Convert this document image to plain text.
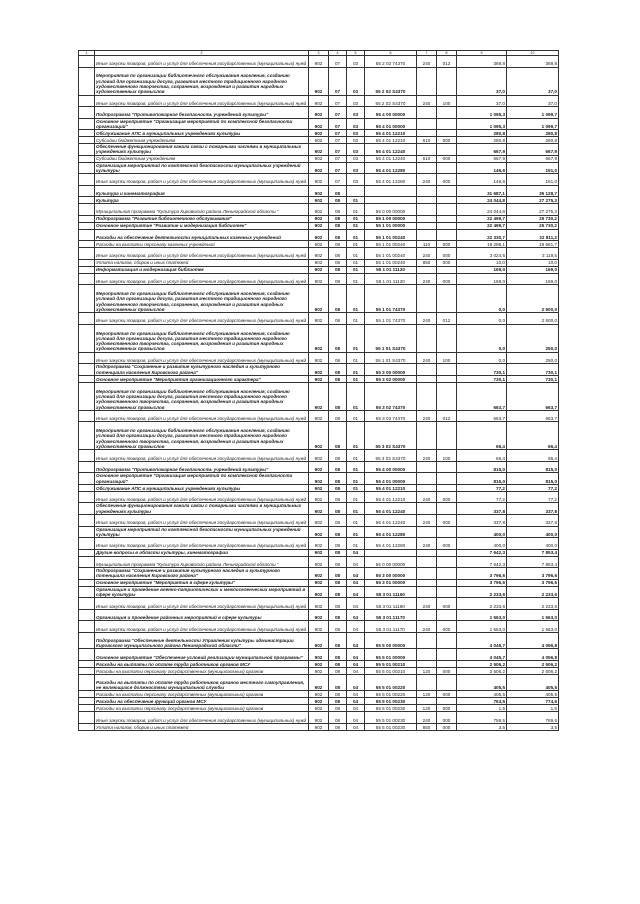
1	2	3	4	5	6	7	8	9	10
	Иные закупки товаров, работ и услуг для обеспечения государственных (муниципальных) нужд	902	07	03	55 2 02 74370	240	012	369,8	369,8
	Мероприятия по организации библиотечного обслуживания населения, созданию условий для организации досуга, развития местного традиционного народного художественного творчества, сохранения, возрождения и развития народных художественных промыслов	902	07	03	55 2 02 S4370			37,0	37,0
	Иные закупки товаров, работ и услуг для обеспечения государственных (муниципальных) нужд	902	07	03	55 2 02 S4370	240	100	37,0	37,0
	Подпрограмма "Противопожарная безопасность учреждений культуры"	902	07	03	55 4 00 00000			1 095,3	1 099,7
	Основное мероприятие "Организация мероприятий по комплексной безопасности организаций"	902	07	03	55 4 01 00000			1 095,3	1 099,7
	Обслуживание АПС в муниципальных учреждениях культуры	902	07	03	55 4 01 12210			280,8	280,8
	Субсидии бюджетным учреждениям	902	07	03	55 4 01 12210	610	000	280,8	280,8
	Обеспечение функционирования канала связи с пожарными частями в муниципальных учреждениях культуры	902	07	03	55 4 01 12240			667,9	667,9
	Субсидии бюджетным учреждениям	902	07	03	55 4 01 12240	610	000	667,9	667,9
	Организация мероприятий по комплексной безопасности муниципальных учреждений культуры	902	07	03	55 4 01 12280			146,6	151,0
	Иные закупки товаров, работ и услуг для обеспечения государственных (муниципальных) нужд	902	07	03	55 4 01 12280	240	000	146,6	151,0
	Культура и кинематография	902	08					31 687,1	35 128,7
	Культура	902	08	01				24 044,8	27 275,3
	Муниципальная программа "Культура Кировского района Ленинградской области "	902	08	01	55 0 00 00000			24 044,8	27 275,3
	Подпрограмма "Развитие библиотечного обслуживания"	902	08	01	55 1 00 00000			22 499,7	25 730,2
	Основное мероприятие "Развитие и модернизация библиотек"	902	08	01	55 1 01 00000			22 499,7	25 730,2
	Расходы на обеспечение деятельности муниципальных казенных учреждений	902	08	01	55 1 01 00240			22 330,7	22 811,2
	Расходы на выплаты персоналу казенных учреждений	902	08	01	55 1 01 00240	110	000	19 296,1	19 681,7
	Иные закупки товаров, работ и услуг для обеспечения государственных (муниципальных) нужд	902	08	01	55 1 01 00240	240	000	3 024,6	3 119,5
	Уплата налогов, сборов и иных платежей	902	08	01	55 1 01 00240	850	000	10,0	10,0
	Информатизация и модернизация библиотек	902	08	01	55 1 01 11120			169,0	169,0
	Иные закупки товаров, работ и услуг для обеспечения государственных (муниципальных) нужд	902	08	01	55 1 01 11120	240	000	169,0	169,0
	Мероприятия по организации библиотечного обслуживания населения, созданию условий для организации досуга, развития местного традиционного народного художественного творчества, сохранения, возрождения и развития народных художественных промыслов	902	08	01	55 1 01 74370			0,0	2 500,0
	Иные закупки товаров, работ и услуг для обеспечения государственных (муниципальных) нужд	902	08	01	55 1 01 74370	240	012	0,0	2 500,0
	Мероприятия по организации библиотечного обслуживания населения, созданию условий для организации досуга, развития местного традиционного народного художественного творчества, сохранения, возрождения и развития народных художественных промыслов	902	08	01	55 1 01 S4370			0,0	250,0
	Иные закупки товаров, работ и услуг для обеспечения государственных (муниципальных) нужд	902	08	01	55 1 01 S4370	240	100	0,0	250,0
	Подпрограмма "Сохранение и развитие культурного наследия и культурного потенциала населения Кировского района"	902	08	01	55 3 00 00000			730,1	730,1
	Основное мероприятие "Мероприятия организационного характера"	902	08	01	55 3 02 00000			730,1	730,1
	Мероприятия по организации библиотечного обслуживания населения, созданию условий для организации досуга, развития местного традиционного народного художественного творчества, сохранения, возрождения и развития народных художественных промыслов	902	08	01	55 3 02 74370			663,7	663,7
	Иные закупки товаров, работ и услуг для обеспечения государственных (муниципальных) нужд	902	08	01	55 3 02 74370	240	012	663,7	663,7
	Мероприятия по организации библиотечного обслуживания населения, созданию условий для организации досуга, развития местного традиционного народного художественного творчества, сохранения, возрождения и развития народных художественных промыслов	902	08	01	55 3 02 S4370			66,4	66,4
	Иные закупки товаров, работ и услуг для обеспечения государственных (муниципальных) нужд	902	08	01	55 3 02 S4370	240	100	66,4	66,4
	Подпрограмма "Противопожарная безопасность учреждений культуры"	902	08	01	55 4 00 00000			815,0	815,0
	Основное мероприятие "Организация мероприятий по комплексной безопасности организаций"	902	08	01	55 4 01 00000			815,0	815,0
	Обслуживание АПС в муниципальных учреждениях культуры	902	08	01	55 4 01 12210			77,2	77,2
	Иные закупки товаров, работ и услуг для обеспечения государственных (муниципальных) нужд	902	08	01	55 4 01 12210	240	000	77,2	77,2
	Обеспечение функционирования канала связи с пожарными частями в муниципальных учреждениях культуры	902	08	01	55 4 01 12240			337,8	337,8
	Иные закупки товаров, работ и услуг для обеспечения государственных (муниципальных) нужд	902	08	01	55 4 01 12240	240	000	337,8	337,8
	Организация мероприятий по комплексной безопасности муниципальных учреждений культуры	902	08	01	55 4 01 12280			400,0	400,0
	Иные закупки товаров, работ и услуг для обеспечения государственных (муниципальных) нужд	902	08	01	55 4 01 12280	240	000	400,0	400,0
	Другие вопросы в области культуры, кинематографии	902	08	04				7 642,3	7 853,4
	Муниципальная программа "Культура Кировского района Ленинградской области "	902	08	04	55 0 00 00000			7 642,3	7 853,4
	Подпрограмма "Сохранение и развитие культурного наследия и культурного потенциала населения Кировского района"	902	08	04	55 3 00 00000			3 796,6	3 796,6
	Основное мероприятие "Мероприятия в сфере культуры"	902	08	04	55 3 01 00000			3 796,6	3 796,6
	Организация и проведение военно-патриотических и межпоселенческих мероприятий в сфере культуры	902	08	04	55 3 01 11160			2 233,6	2 233,6
	Иные закупки товаров, работ и услуг для обеспечения государственных (муниципальных) нужд	902	08	04	55 3 01 11160	240	000	2 233,6	2 233,6
	Организация и проведение районных мероприятий в сфере культуры	902	08	04	55 3 01 11170			1 563,0	1 563,0
	Иные закупки товаров, работ и услуг для обеспечения государственных (муниципальных) нужд	902	08	04	55 3 01 11170	240	000	1 563,0	1 563,0
	Подпрограмма "Обеспечение деятельности Управления культуры администрации Кировского муниципального района Ленинградской области"	902	08	04	55 5 00 00000			4 045,7	4 056,8
	Основное мероприятие "Обеспечение условий реализации муниципальной программы"	902	08	04	55 5 01 00000			4 045,7	4 056,8
	Расходы на выплаты по оплате труда работников органов МСУ	902	08	04	55 5 01 00210			2 506,2	2 506,2
	Расходы на выплаты персоналу государственных (муниципальных) органов	902	08	04	55 5 01 00210	120	000	2 506,2	2 506,2
	Расходы на выплаты по оплате труда работников органов местного самоуправления, не являющихся должностями муниципальной службы	902	08	04	55 5 01 00220			405,5	405,5
	Расходы на выплаты персоналу государственных (муниципальных) органов	902	08	04	55 5 01 00220	120	000	405,5	405,5
	Расходы на обеспечение функций органов МСУ	902	08	04	55 5 01 00230			763,5	774,6
	Расходы на выплаты персоналу государственных (муниципальных) органов	902	08	04	55 5 01 00230	120	000	1,5	1,5
	Иные закупки товаров, работ и услуг для обеспечения государственных (муниципальных) нужд	902	08	04	55 5 01 00230	240	000	758,5	769,6
	Уплата налогов, сборов и иных платежей	902	08	04	55 5 01 00230	850	000	3,5	3,5
